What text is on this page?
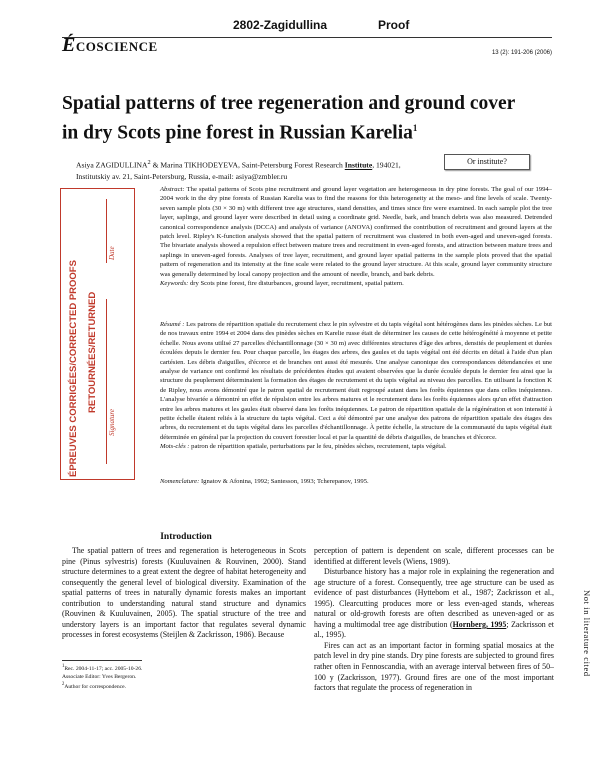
ÉCOSCIENCE
2802-Zagidullina	Proof
13 (2): 191-206 (2006)
Spatial patterns of tree regeneration and ground cover in dry Scots pine forest in Russian Karelia$^1$
Asiya ZAGIDULLINA$^2$ & Marina TIKHODEYEVA, Saint-Petersburg Forest Research Institute, 194021,
Institutskiy av. 21, Saint-Petersburg, Russia, e-mail: asiya@zmbler.ru
Or institute?
ÉPREUVES CORRIGÉES/CORRECTED PROOFS RETOURNÉES/RETURNED
Date
Signature

Abstract: The spatial patterns of Scots pine recruitment and ground layer vegetation are heterogeneous in dry pine forests. The goal of our 1994–2004 work in the dry pine forests of Russian Karelia was to find the reasons for this heterogeneity at the meso- and fine levels of scale. Twenty-seven sample plots (30 × 30 m) with different tree age structures, stand densities, and times since fire were examined. In each sample plot the tree layer, saplings, and ground layer were described in detail using a coordinate grid. Needle, bark, and branch debris was also measured. Detrended canonical correspondence analysis (DCCA) and analysis of variance (ANOVA) confirmed the contribution of recruitment and ground layers at the patch level. Ripley's K-function analysis showed that the spatial pattern of recruitment was clustered in both even-aged and uneven-aged forests. The bivariate analysis showed a repulsion effect between mature trees and recruitment in even-aged forests, and attraction between mature trees and saplings in uneven-aged forests. Analyses of tree layer, recruitment, and ground layer spatial patterns in the sample plots proved that the spatial pattern of regeneration and its intensity at the fine scale were related to the ground layer structure. At this scale, ground layer community structure was generally determined by local canopy projection and the amount of needle, branch, and bark debris.

Keywords: dry Scots pine forest, fire disturbances, ground layer, recruitment, spatial pattern.

Résumé : Les patrons de répartition spatiale du recrutement chez le pin sylvestre et du tapis végétal sont hétérogènes dans les pinèdes sèches. Le but de nos travaux entre 1994 et 2004 dans des pinèdes sèches en Karelie russe était de déterminer les causes de cette hétérogénéité à moyenne et petite échelle. Nous avons utilisé 27 parcelles d'échantillonnage (30 × 30 m) avec différentes structures d'âge des arbres, densités de peuplement et durées écoulées depuis le dernier feu. Pour chaque parcelle, les étages des arbres, des gaules et du tapis végétal ont été décrits en détail à l'aide d'un plan cartésien. Les débris d'aiguilles, d'écorce et de branches ont aussi été mesurés. Une analyse canonique des correspondances détendancées et une analyse de variance ont confirmé les résultats de précédentes études qui avaient observées que la durée écoulée depuis le dernier feu ainsi que la structure du peuplement déterminaient la formation des étages de recrutement et du tapis végétal au niveau des parcelles. En utilisant la fonction K de Ripley, nous avons démontré que le patron spatial de recrutement était regroupé autant dans les forêts équiennes que dans celles inéquiennes. L'analyse bivariée a démontré un effet de répulsion entre les arbres matures et le recrutement dans les forêts équiennes alors qu'un effet d'attraction entre les arbres matures et les gaules était observé dans les forêts inéquiennes. Le patron de répartition spatiale de la régénération et son intensité à petite échelle étaient reliés à la structure du tapis végétal. Ceci a été démontré par une analyse des patrons de répartition spatiale des étages des arbres, du recrutement et du tapis végétal dans les parcelles d'échantillonnage. À petite échelle, la structure de la communauté du tapis végétal était déterminée en général par la projection du couvert forestier local et par la quantité de débris d'aiguilles, de branches et d'écorce.

Mots-clés : patron de répartition spatiale, perturbations par le feu, pinèdes sèches, recrutement, tapis végétal.

Nomenclature: Ignatov & Afonina, 1992; Santesson, 1993; Tcherepanov, 1995.

Introduction

The spatial pattern of trees and regeneration is heterogeneous in Scots pine (Pinus sylvestris) forests (Kuuluvainen & Rouvinen, 2000). Stand structure determines to a great extent the degree of habitat heterogeneity and consequently the general level of biological diversity. Examination of the spatial patterns of trees in naturally dynamic forests makes an important contribution to understanding natural stand structure and dynamics (Rouvinen & Kuuluvainen, 2005). The spatial structure of the tree and understory layers is an important factor that regulates several dynamic processes in forest ecosystems (Steijlen & Zackrisson, 1986). Because

perception of pattern is dependent on scale, different processes can be identified at different levels (Wiens, 1989).

Disturbance history has a major role in explaining the regeneration and age structure of a forest. Consequently, tree age structure can be used as evidence of past disturbances (Hyttebom et al., 1987; Zackrisson et al., 1995). Clearcutting produces more or less even-aged stands, whereas natural or old-growth forests are often described as uneven-aged or as having a multimodal tree age distribution (Hornberg, 1995; Zackrisson et al., 1995).

Fires can act as an important factor in forming spatial mosaics at the patch level in dry pine stands. Dry pine forests are subjected to ground fires rather often in Fennoscandia, with an average interval between fires of 50–100 y (Zackrisson, 1977). Ground fires are one of the most important factors that regulate the process of regeneration in

$^1$Rec. 2004-11-17; acc. 2005-10-26.
Associate Editor: Yves Bergeron.
$^2$Author for correspondence.
Not in literature cited
